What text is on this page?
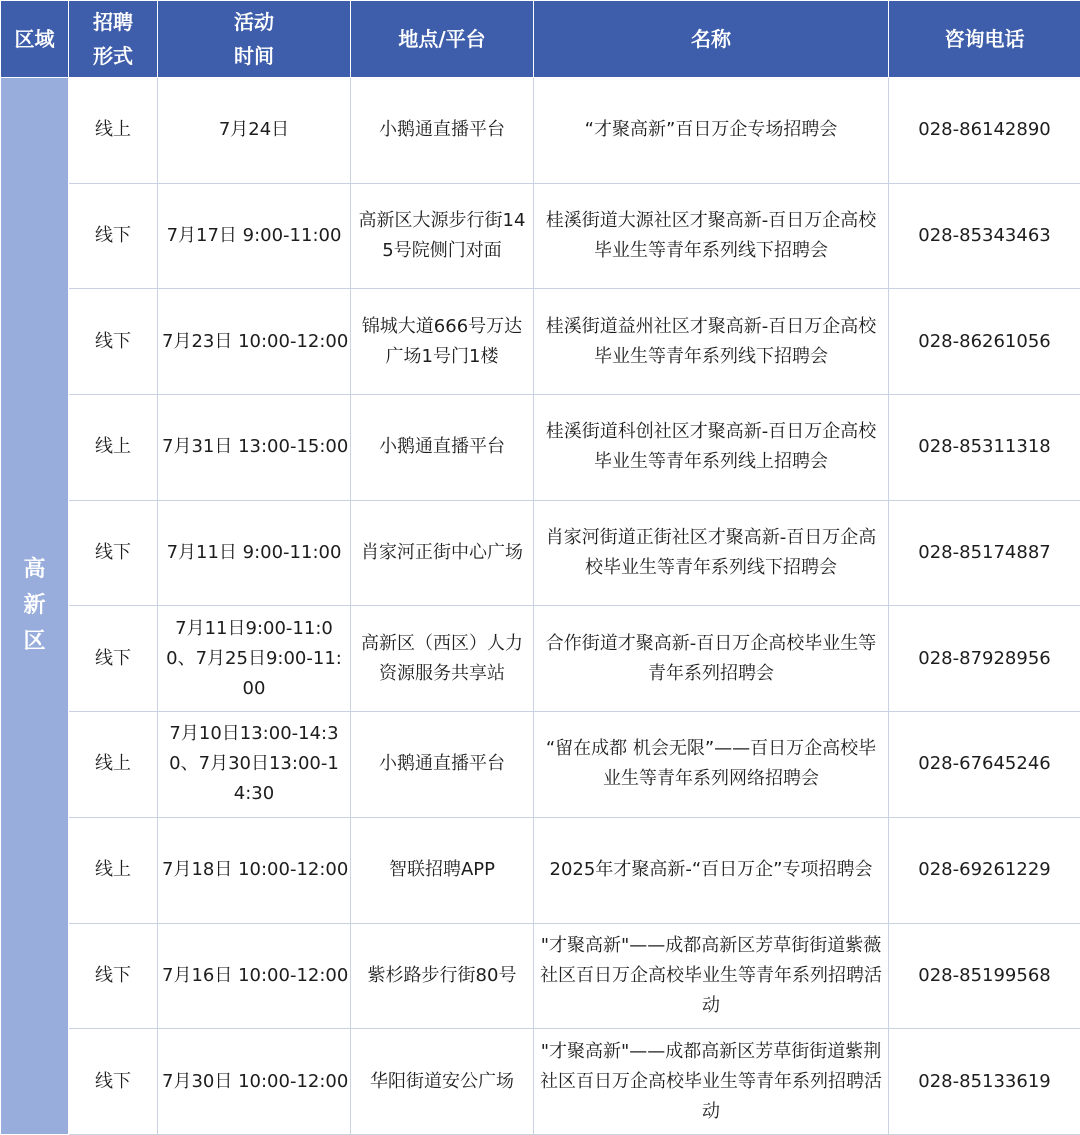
区域	招聘形式	活动时间	地点/平台	名称	咨询电话
高新区	线上	7月24日	小鹅通直播平台	“才聚高新”百日万企专场招聘会	028-86142890
	线下	7月17日 9:00-11:00	高新区大源步行街145号院侧门对面	桂溪街道大源社区才聚高新-百日万企高校毕业生等青年系列线下招聘会	028-85343463
	线下	7月23日 10:00-12:00	锦城大道666号万达广场1号门1楼	桂溪街道益州社区才聚高新-百日万企高校毕业生等青年系列线下招聘会	028-86261056
	线上	7月31日 13:00-15:00	小鹅通直播平台	桂溪街道科创社区才聚高新-百日万企高校毕业生等青年系列线上招聘会	028-85311318
	线下	7月11日 9:00-11:00	肖家河正街中心广场	肖家河街道正街社区才聚高新-百日万企高校毕业生等青年系列线下招聘会	028-85174887
	线下	7月11日9:00-11:00、7月25日9:00-11:00	高新区（西区）人力资源服务共享站	合作街道才聚高新-百日万企高校毕业生等青年系列招聘会	028-87928956
	线上	7月10日13:00-14:30、7月30日13:00-14:30	小鹅通直播平台	“留在成都 机会无限”——百日万企高校毕业生等青年系列网络招聘会	028-67645246
	线上	7月18日 10:00-12:00	智联招聘APP	2025年才聚高新-“百日万企”专项招聘会	028-69261229
	线下	7月16日 10:00-12:00	紫杉路步行街80号	"才聚高新"——成都高新区芳草街街道紫薇社区百日万企高校毕业生等青年系列招聘活动	028-85199568
	线下	7月30日 10:00-12:00	华阳街道安公广场	"才聚高新"——成都高新区芳草街街道紫荆社区百日万企高校毕业生等青年系列招聘活动	028-85133619
